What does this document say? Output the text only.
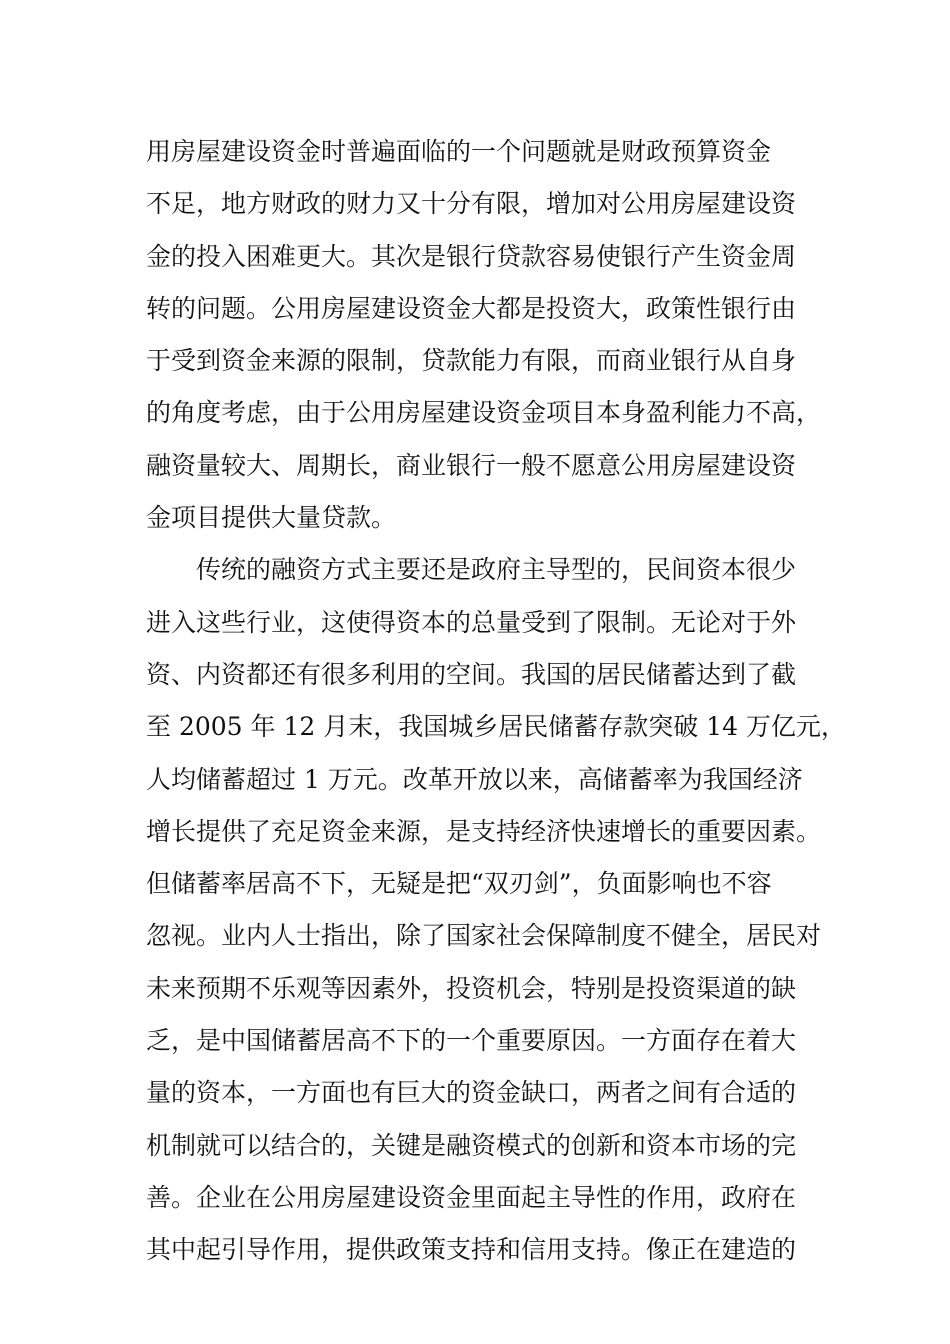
用房屋建设资金时普遍面临的一个问题就是财政预算资金
不足，地方财政的财力又十分有限，增加对公用房屋建设资
金的投入困难更大。其次是银行贷款容易使银行产生资金周
转的问题。公用房屋建设资金大都是投资大，政策性银行由
于受到资金来源的限制，贷款能力有限，而商业银行从自身
的角度考虑，由于公用房屋建设资金项目本身盈利能力不高，
融资量较大、周期长，商业银行一般不愿意公用房屋建设资
金项目提供大量贷款。
传统的融资方式主要还是政府主导型的，民间资本很少
进入这些行业，这使得资本的总量受到了限制。无论对于外
资、内资都还有很多利用的空间。我国的居民储蓄达到了截
至 2005 年 12 月末，我国城乡居民储蓄存款突破 14 万亿元，
人均储蓄超过 1 万元。改革开放以来，高储蓄率为我国经济
增长提供了充足资金来源，是支持经济快速增长的重要因素。
但储蓄率居高不下，无疑是把“双刃剑”，负面影响也不容
忽视。业内人士指出，除了国家社会保障制度不健全，居民对
未来预期不乐观等因素外，投资机会，特别是投资渠道的缺
乏，是中国储蓄居高不下的一个重要原因。一方面存在着大
量的资本，一方面也有巨大的资金缺口，两者之间有合适的
机制就可以结合的，关键是融资模式的创新和资本市场的完
善。企业在公用房屋建设资金里面起主导性的作用，政府在
其中起引导作用，提供政策支持和信用支持。像正在建造的
